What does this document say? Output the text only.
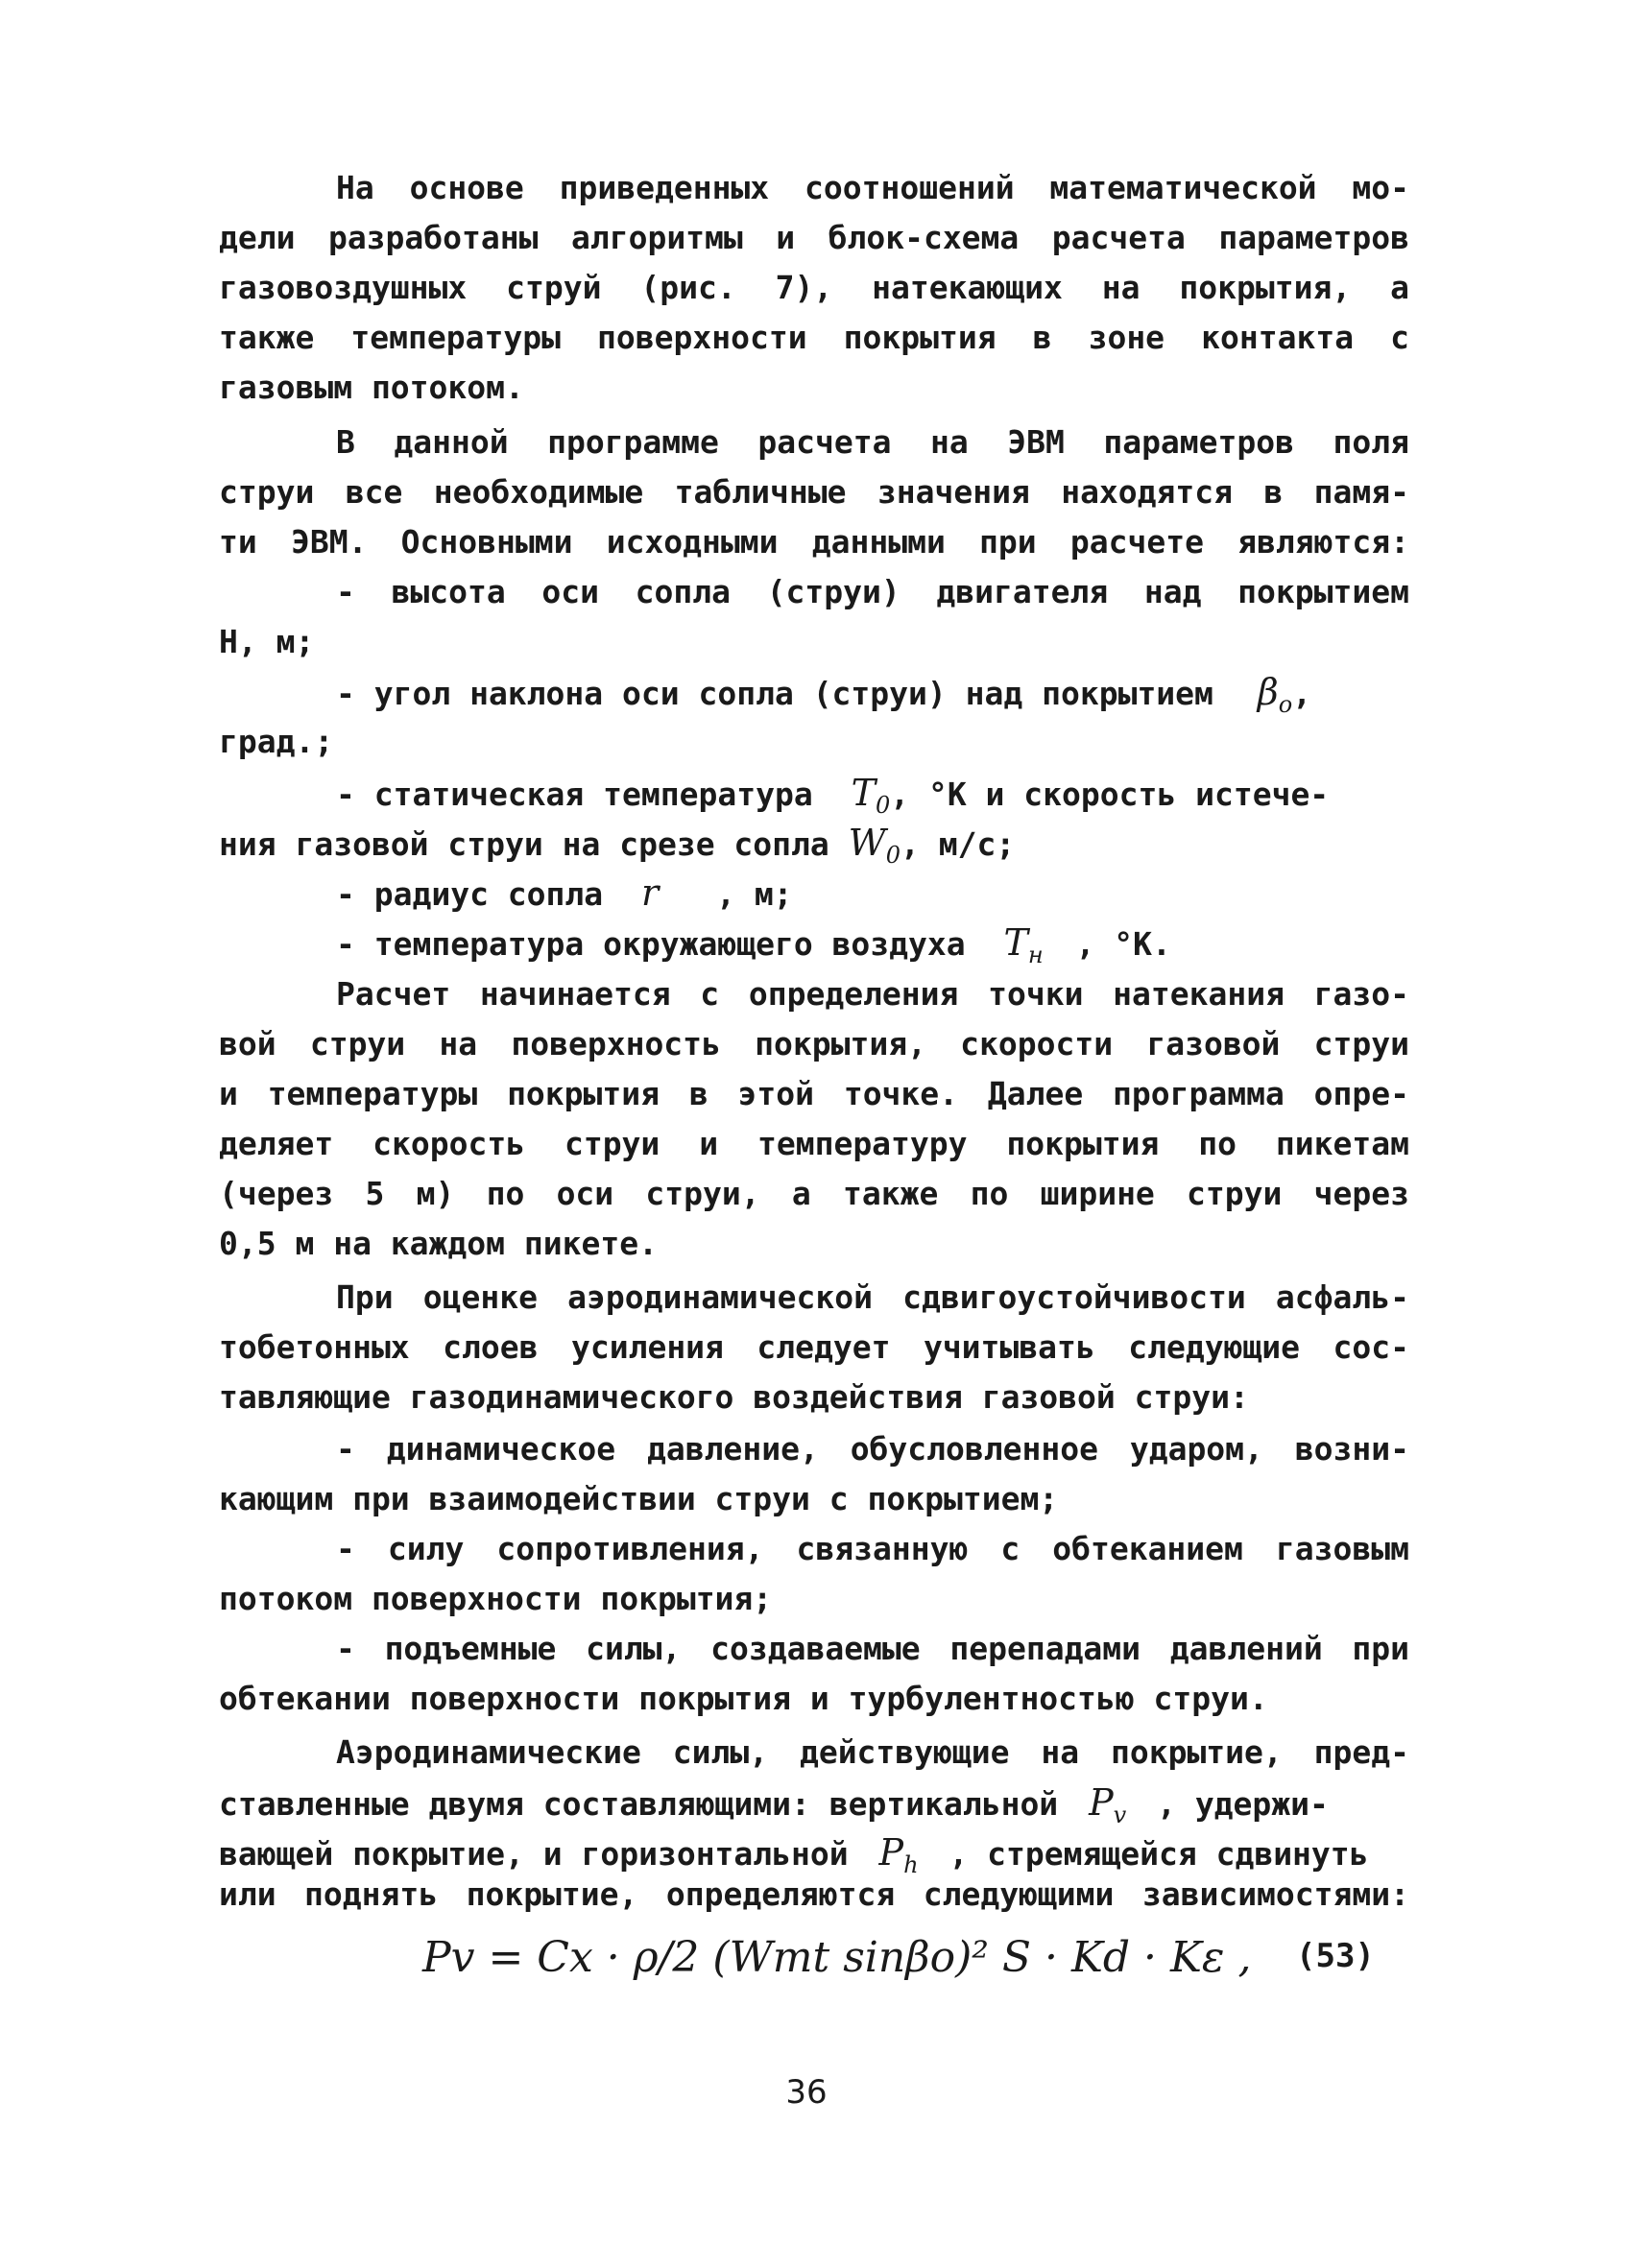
На основе приведенных соотношений математической мо-
дели разработаны алгоритмы и блок-схема расчета параметров
газовоздушных струй (рис. 7), натекающих на покрытия, а
также температуры поверхности покрытия в зоне контакта с
газовым потоком.
В данной программе расчета на ЭВМ параметров поля
струи все необходимые табличные значения находятся в памя-
ти ЭВМ. Основными исходными данными при расчете являются:
- высота оси сопла (струи) двигателя над покрытием
H, м;
- угол наклона оси сопла (струи) над покрытием $\beta_o$,
град.;
- статическая температура $T_0$, °К и скорость истече-
ния газовой струи на срезе сопла $W_0$, м/с;
- радиус сопла r , м;
- температура окружающего воздуха $T_н$ , °К.
Расчет начинается с определения точки натекания газо-
вой струи на поверхность покрытия, скорости газовой струи
и температуры покрытия в этой точке. Далее программа опре-
деляет скорость струи и температуру покрытия по пикетам
(через 5 м) по оси струи, а также по ширине струи через
0,5 м на каждом пикете.
При оценке аэродинамической сдвигоустойчивости асфаль-
тобетонных слоев усиления следует учитывать следующие сос-
тавляющие газодинамического воздействия газовой струи:
- динамическое давление, обусловленное ударом, возни-
кающим при взаимодействии струи с покрытием;
- силу сопротивления, связанную с обтеканием газовым
потоком поверхности покрытия;
- подъемные силы, создаваемые перепадами давлений при
обтекании поверхности покрытия и турбулентностью струи.
Аэродинамические силы, действующие на покрытие, пред-
ставленные двумя составляющими: вертикальной $P_v$ , удержи-
вающей покрытие, и горизонтальной $P_h$ , стремящейся сдвинуть
или поднять покрытие, определяются следующими зависимостями:
Pv = Cx · ρ/2 (Wmt sinβo)² S · Kd · Kε , (53)
36
